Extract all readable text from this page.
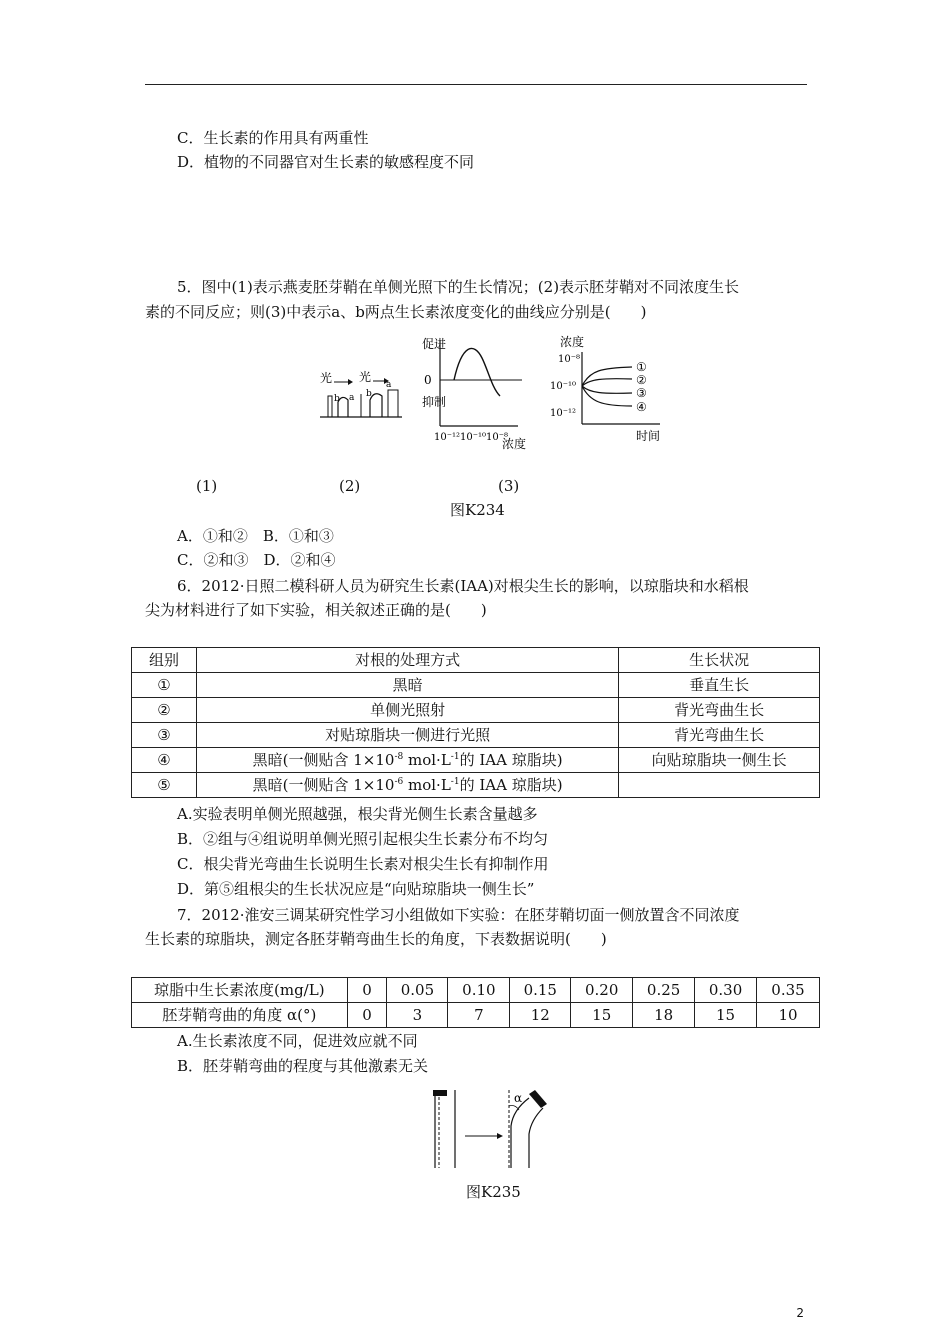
C．生长素的作用具有两重性
D．植物的不同器官对生长素的敏感程度不同
5．图中(1)表示燕麦胚芽鞘在单侧光照下的生长情况；(2)表示胚芽鞘对不同浓度生长
素的不同反应；则(3)中表示a、b两点生长素浓度变化的曲线应分别是(　　)
光 光
b a b
a
促进
0
抑制
10⁻¹²10⁻¹⁰10⁻⁸
浓度
浓度
10⁻⁸
10⁻¹⁰
10⁻¹²
①
②
③
④
时间
(1)	(2)	(3)
图K234
A．①和②　B．①和③
C．②和③　D．②和④
6．2012·日照二模科研人员为研究生长素(IAA)对根尖生长的影响，以琼脂块和水稻根
尖为材料进行了如下实验，相关叙述正确的是(　　)
组别	对根的处理方式	生长状况
①	黑暗	垂直生长
②	单侧光照射	背光弯曲生长
③	对贴琼脂块一侧进行光照	背光弯曲生长
④	黑暗(一侧贴含 $1\times 10^{-8}$ $mol\cdot L^{-1}$的 IAA 琼脂块)	向贴琼脂块一侧生长
⑤	黑暗(一侧贴含 $1\times 10^{-6}$ $mol\cdot L^{-1}$的 IAA 琼脂块)	
A.实验表明单侧光照越强，根尖背光侧生长素含量越多
B．②组与④组说明单侧光照引起根尖生长素分布不均匀
C．根尖背光弯曲生长说明生长素对根尖生长有抑制作用
D．第⑤组根尖的生长状况应是“向贴琼脂块一侧生长”
7．2012·淮安三调某研究性学习小组做如下实验：在胚芽鞘切面一侧放置含不同浓度
生长素的琼脂块，测定各胚芽鞘弯曲生长的角度，下表数据说明(　　)
琼脂中生长素浓度(mg/L)	0	0.05	0.10	0.15	0.20	0.25	0.30	0.35
胚芽鞘弯曲的角度 α(°)	0	3	7	12	15	18	15	10
A.生长素浓度不同，促进效应就不同
B．胚芽鞘弯曲的程度与其他激素无关
α
图K235
2
